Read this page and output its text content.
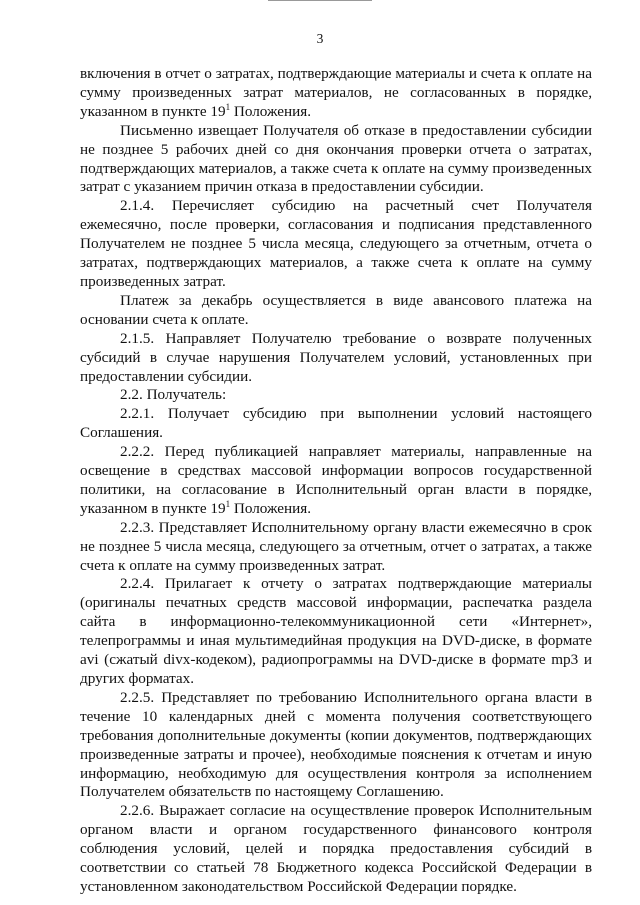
3

включения в отчет о затратах, подтверждающие материалы и счета к оплате на сумму произведенных затрат материалов, не согласованных в порядке, указанном в пункте $19^1$ Положения.

Письменно извещает Получателя об отказе в предоставлении субсидии не позднее 5 рабочих дней со дня окончания проверки отчета о затратах, подтверждающих материалов, а также счета к оплате на сумму произведенных затрат с указанием причин отказа в предоставлении субсидии.

2.1.4. Перечисляет субсидию на расчетный счет Получателя ежемесячно, после проверки, согласования и подписания представленного Получателем не позднее 5 числа месяца, следующего за отчетным, отчета о затратах, подтверждающих материалов, а также счета к оплате на сумму произведенных затрат.

Платеж за декабрь осуществляется в виде авансового платежа на основании счета к оплате.

2.1.5. Направляет Получателю требование о возврате полученных субсидий в случае нарушения Получателем условий, установленных при предоставлении субсидии.

2.2. Получатель:

2.2.1. Получает субсидию при выполнении условий настоящего Соглашения.

2.2.2. Перед публикацией направляет материалы, направленные на освещение в средствах массовой информации вопросов государственной политики, на согласование в Исполнительный орган власти в порядке, указанном в пункте $19^1$ Положения.

2.2.3. Представляет Исполнительному органу власти ежемесячно в срок не позднее 5 числа месяца, следующего за отчетным, отчет о затратах, а также счета к оплате на сумму произведенных затрат.

2.2.4. Прилагает к отчету о затратах подтверждающие материалы (оригиналы печатных средств массовой информации, распечатка раздела сайта в информационно-телекоммуникационной сети «Интернет», телепрограммы и иная мультимедийная продукция на DVD-диске, в формате avi (сжатый divx-кодеком), радиопрограммы на DVD-диске в формате mp3 и других форматах.

2.2.5. Представляет по требованию Исполнительного органа власти в течение 10 календарных дней с момента получения соответствующего требования дополнительные документы (копии документов, подтверждающих произведенные затраты и прочее), необходимые пояснения к отчетам и иную информацию, необходимую для осуществления контроля за исполнением Получателем обязательств по настоящему Соглашению.

2.2.6. Выражает согласие на осуществление проверок Исполнительным органом власти и органом государственного финансового контроля соблюдения условий, целей и порядка предоставления субсидий в соответствии со статьей 78 Бюджетного кодекса Российской Федерации в установленном законодательством Российской Федерации порядке.
